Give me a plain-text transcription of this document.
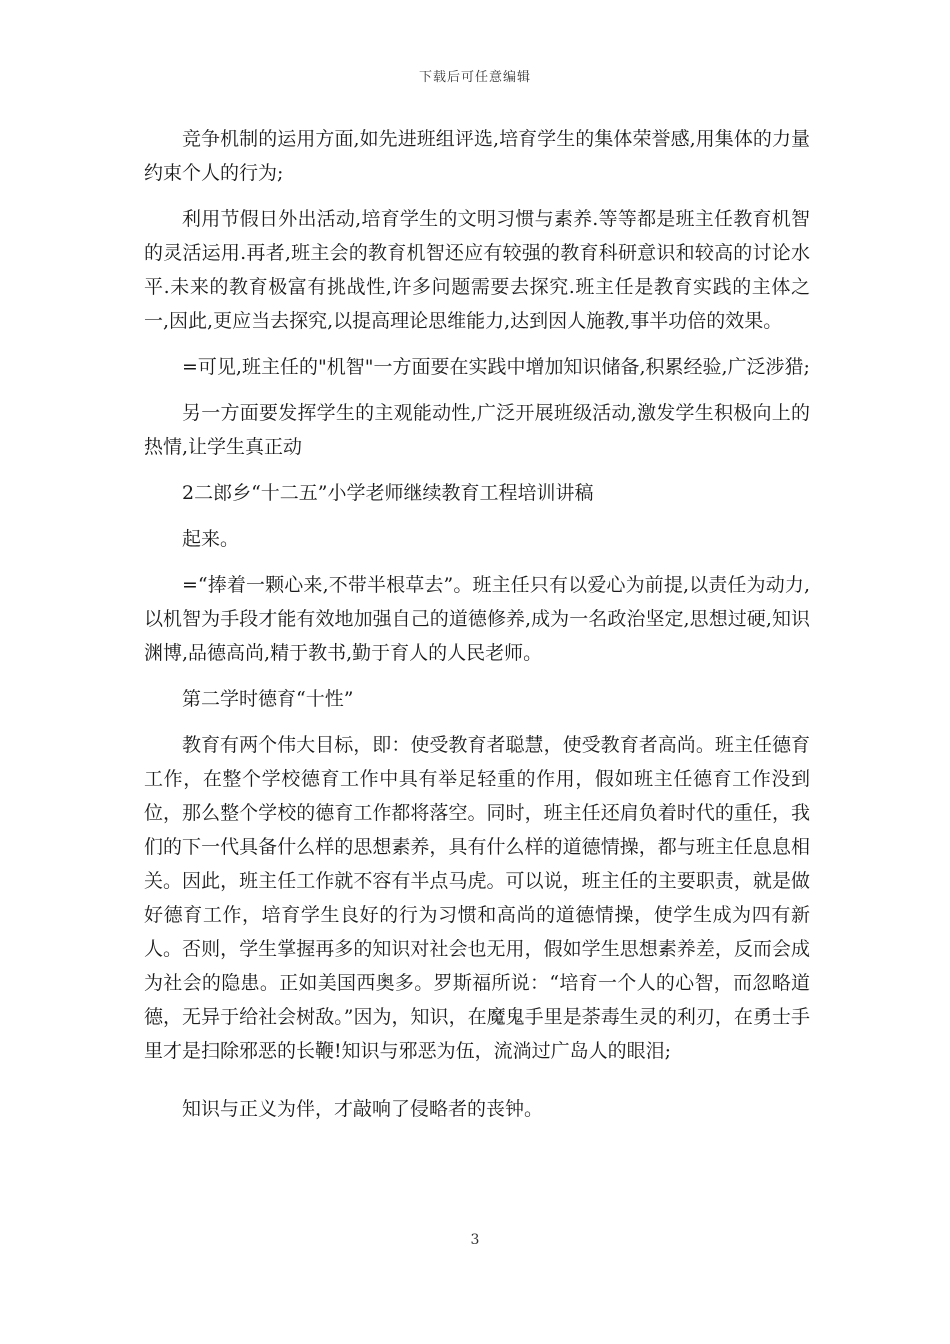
下载后可任意编辑

竞争机制的运用方面,如先进班组评选,培育学生的集体荣誉感,用集体的力量约束个人的行为;

利用节假日外出活动,培育学生的文明习惯与素养.等等都是班主任教育机智的灵活运用.再者,班主会的教育机智还应有较强的教育科研意识和较高的讨论水平.未来的教育极富有挑战性,许多问题需要去探究.班主任是教育实践的主体之一,因此,更应当去探究,以提高理论思维能力,达到因人施教,事半功倍的效果。

=可见,班主任的"机智"一方面要在实践中增加知识储备,积累经验,广泛涉猎;

另一方面要发挥学生的主观能动性,广泛开展班级活动,激发学生积极向上的热情,让学生真正动

2二郎乡“十二五”小学老师继续教育工程培训讲稿

起来。

=“捧着一颗心来,不带半根草去”。班主任只有以爱心为前提,以责任为动力,以机智为手段才能有效地加强自己的道德修养,成为一名政治坚定,思想过硬,知识渊博,品德高尚,精于教书,勤于育人的人民老师。

第二学时德育“十性”

教育有两个伟大目标，即：使受教育者聪慧，使受教育者高尚。班主任德育工作，在整个学校德育工作中具有举足轻重的作用，假如班主任德育工作没到位，那么整个学校的德育工作都将落空。同时，班主任还肩负着时代的重任，我们的下一代具备什么样的思想素养，具有什么样的道德情操，都与班主任息息相关。因此，班主任工作就不容有半点马虎。可以说，班主任的主要职责，就是做好德育工作，培育学生良好的行为习惯和高尚的道德情操，使学生成为四有新人。否则，学生掌握再多的知识对社会也无用，假如学生思想素养差，反而会成为社会的隐患。正如美国西奥多。罗斯福所说：“培育一个人的心智，而忽略道德，无异于给社会树敌。”因为，知识，在魔鬼手里是荼毒生灵的利刃，在勇士手里才是扫除邪恶的长鞭!知识与邪恶为伍，流淌过广岛人的眼泪;

知识与正义为伴，才敲响了侵略者的丧钟。

3
